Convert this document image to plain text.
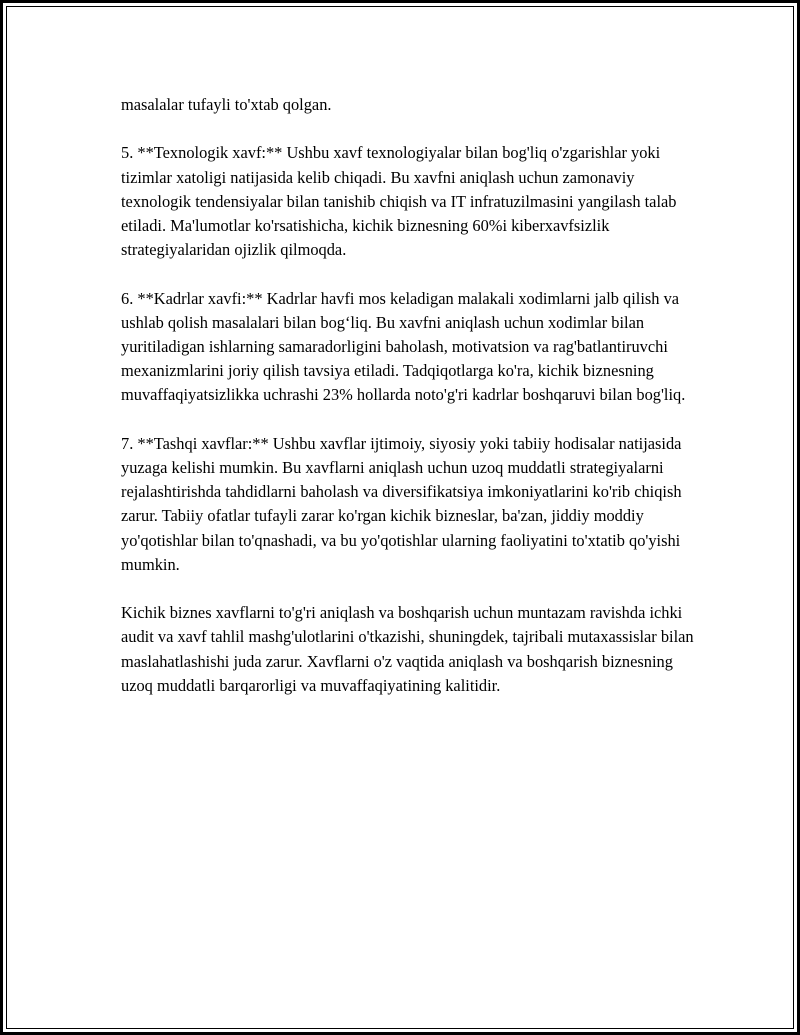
masalalar tufayli to'xtab qolgan.

5. **Texnologik xavf:** Ushbu xavf texnologiyalar bilan bog'liq o'zgarishlar yoki tizimlar xatoligi natijasida kelib chiqadi. Bu xavfni aniqlash uchun zamonaviy texnologik tendensiyalar bilan tanishib chiqish va IT infratuzilmasini yangilash talab etiladi. Ma'lumotlar ko'rsatishicha, kichik biznesning 60%i kiberxavfsizlik strategiyalaridan ojizlik qilmoqda.

6. **Kadrlar xavfi:** Kadrlar havfi mos keladigan malakali xodimlarni jalb qilish va ushlab qolish masalalari bilan bog‘liq. Bu xavfni aniqlash uchun xodimlar bilan yuritiladigan ishlarning samaradorligini baholash, motivatsion va rag'batlantiruvchi mexanizmlarini joriy qilish tavsiya etiladi. Tadqiqotlarga ko'ra, kichik biznesning muvaffaqiyatsizlikka uchrashi 23% hollarda noto'g'ri kadrlar boshqaruvi bilan bog'liq.

7. **Tashqi xavflar:** Ushbu xavflar ijtimoiy, siyosiy yoki tabiiy hodisalar natijasida yuzaga kelishi mumkin. Bu xavflarni aniqlash uchun uzoq muddatli strategiyalarni rejalashtirishda tahdidlarni baholash va diversifikatsiya imkoniyatlarini ko'rib chiqish zarur. Tabiiy ofatlar tufayli zarar ko'rgan kichik bizneslar, ba'zan, jiddiy moddiy yo'qotishlar bilan to'qnashadi, va bu yo'qotishlar ularning faoliyatini to'xtatib qo'yishi mumkin.

Kichik biznes xavflarni to'g'ri aniqlash va boshqarish uchun muntazam ravishda ichki audit va xavf tahlil mashg'ulotlarini o'tkazishi, shuningdek, tajribali mutaxassislar bilan maslahatlashishi juda zarur. Xavflarni o'z vaqtida aniqlash va boshqarish biznesning uzoq muddatli barqarorligi va muvaffaqiyatining kalitidir.
